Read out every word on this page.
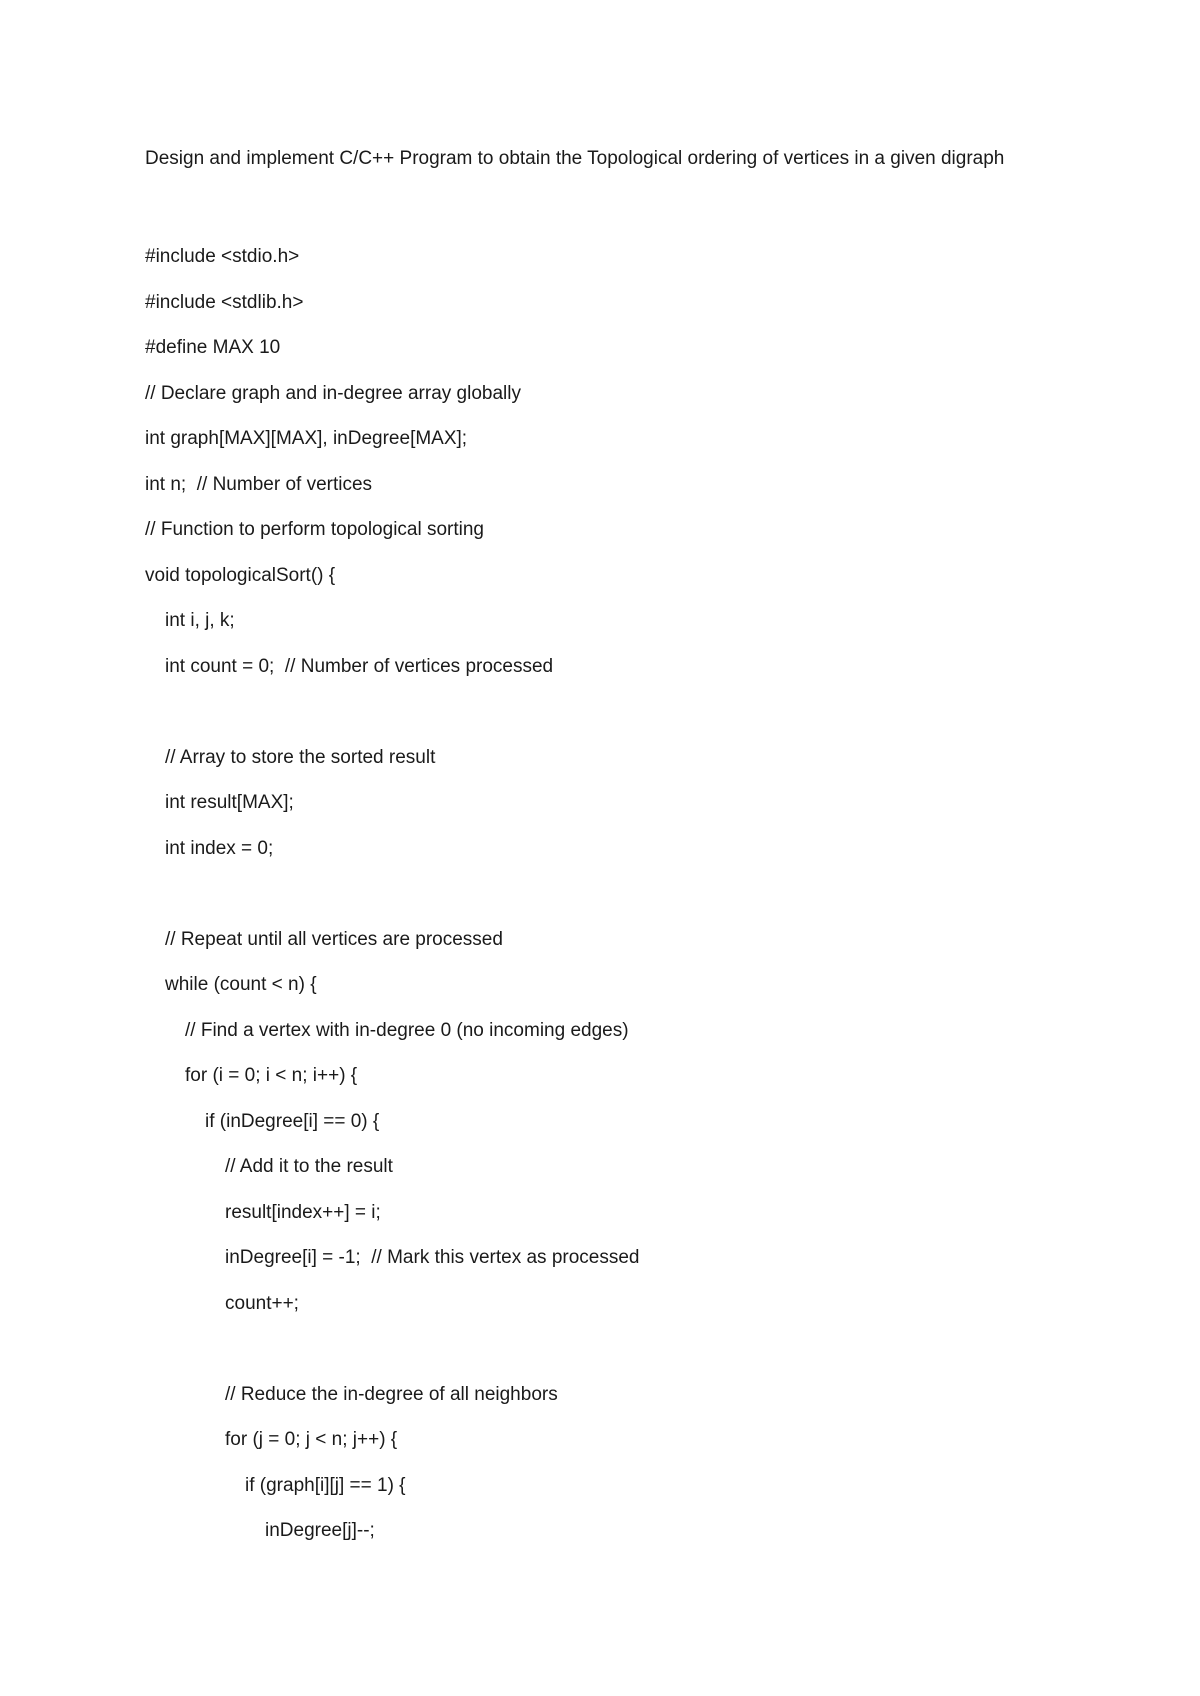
Design and implement C/C++ Program to obtain the Topological ordering of vertices in a given digraph

#include <stdio.h>
#include <stdlib.h>
#define MAX 10
// Declare graph and in-degree array globally
int graph[MAX][MAX], inDegree[MAX];
int n;  // Number of vertices
// Function to perform topological sorting
void topologicalSort() {
int i, j, k;
int count = 0;  // Number of vertices processed
// Array to store the sorted result
int result[MAX];
int index = 0;
// Repeat until all vertices are processed
while (count < n) {
// Find a vertex with in-degree 0 (no incoming edges)
for (i = 0; i < n; i++) {
if (inDegree[i] == 0) {
// Add it to the result
result[index++] = i;
inDegree[i] = -1;  // Mark this vertex as processed
count++;
// Reduce the in-degree of all neighbors
for (j = 0; j < n; j++) {
if (graph[i][j] == 1) {
inDegree[j]--;
